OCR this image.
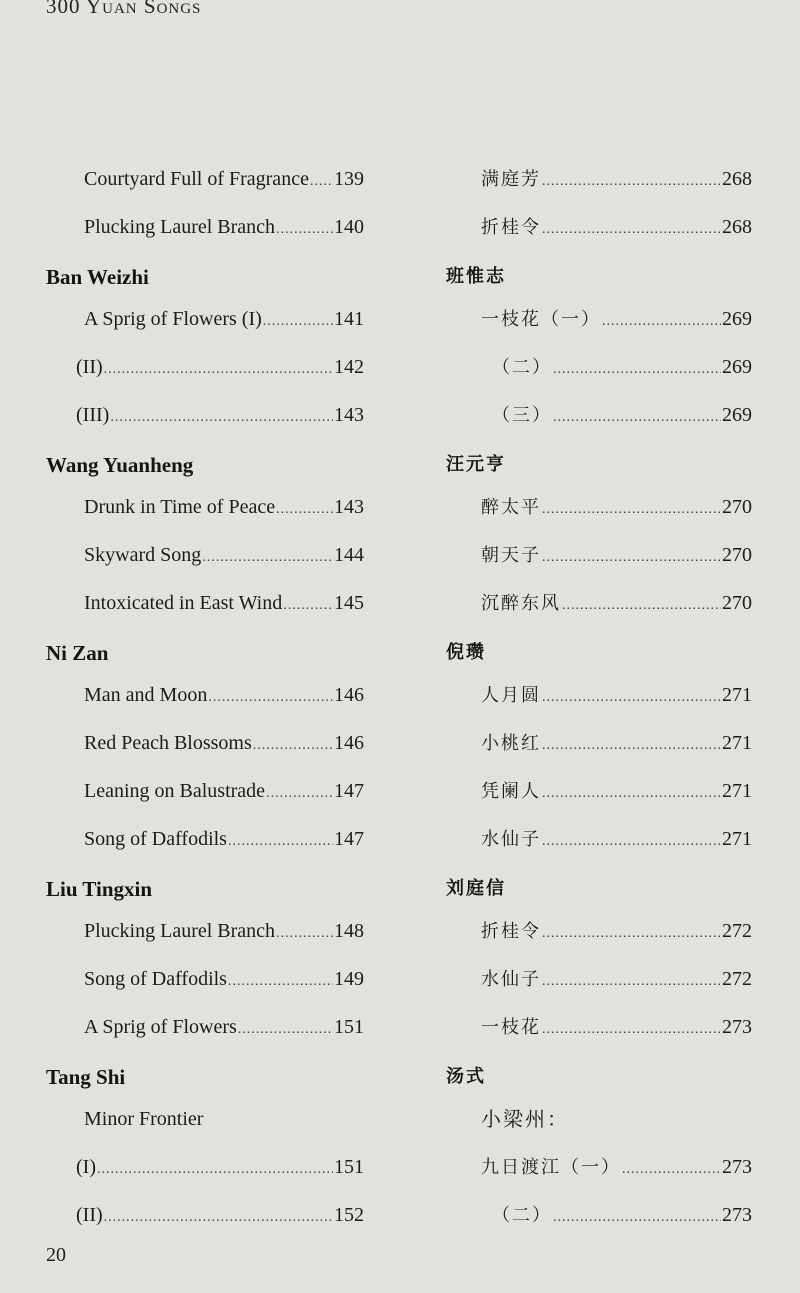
300 Yuan Songs
Courtyard Full of Fragrance ..... 139
Plucking Laurel Branch .....	140
Ban Weizhi
A Sprig of Flowers (I) .....	141
(II) .....	142
(III) .....	143
Wang Yuanheng
Drunk in Time of Peace .....	143
Skyward Song .....	144
Intoxicated in East Wind .....	145
Ni Zan
Man and Moon .....	146
Red Peach Blossoms .....	146
Leaning on Balustrade .....	147
Song of Daffodils .....	147
Liu Tingxin
Plucking Laurel Branch .....	148
Song of Daffodils .....	149
A Sprig of Flowers .....	151
Tang Shi
Minor Frontier
(I) .....	151
(II) .....	152
满庭芳 .....	268
折桂令 .....	268
班惟志
一枝花（一） .....	269
（二） .....	269
（三） .....	269
汪元亨
醉太平 .....	270
朝天子 .....	270
沉醉东风 .....	270
倪瓒
人月圆 .....	271
小桃红 .....	271
凭阑人 .....	271
水仙子 .....	271
刘庭信
折桂令 .....	272
水仙子 .....	272
一枝花 .....	273
汤式
小梁州：
九日渡江（一） .....	273
（二） .....	273
20
